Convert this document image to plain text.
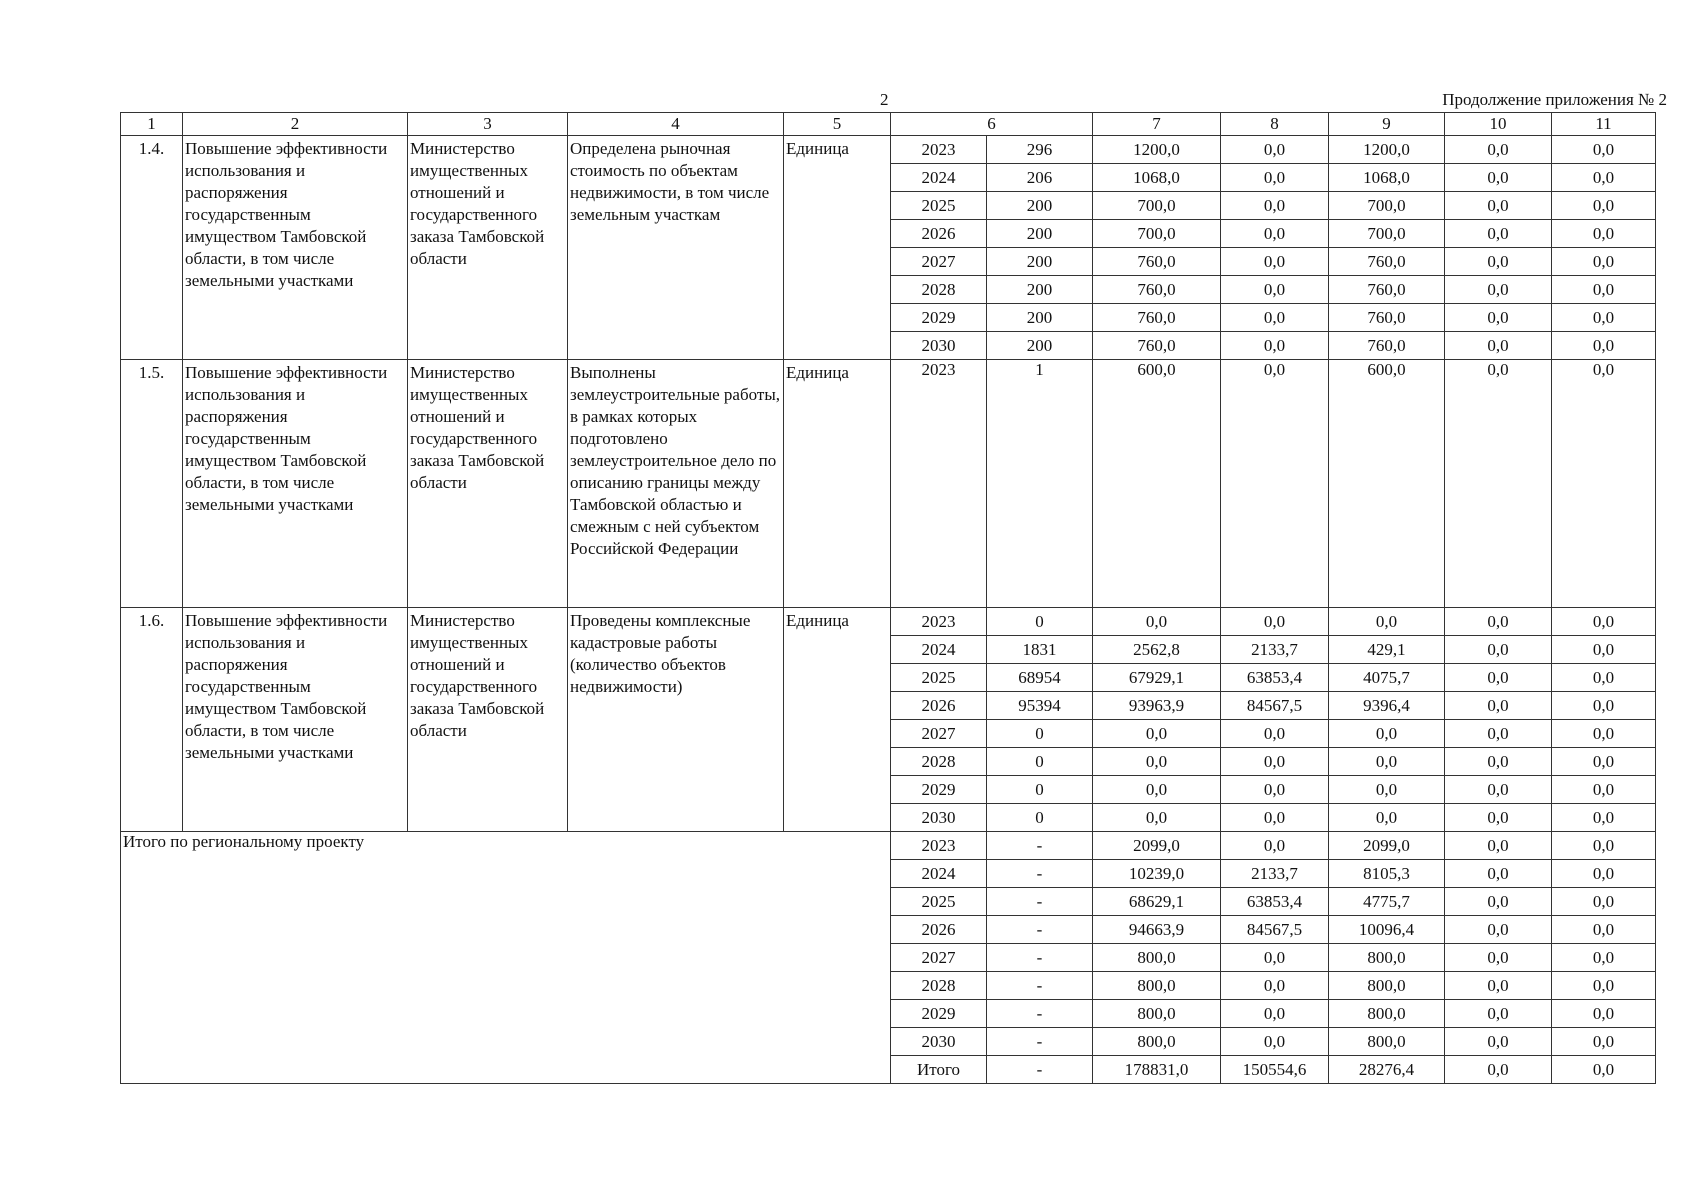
2	Продолжение приложения № 2
1	2	3	4	5	6		7	8	9	10	11
1.4.	Повышение эффективности использования и распоряжения государственным имуществом Тамбовской области, в том числе земельными участками	Министерство имущественных отношений и государственного заказа Тамбовской области	Определена рыночная стоимость по объектам недвижимости, в том числе земельным участкам	Единица	2023	296	1200,0	0,0	1200,0	0,0	0,0
					2024	206	1068,0	0,0	1068,0	0,0	0,0
					2025	200	700,0	0,0	700,0	0,0	0,0
					2026	200	700,0	0,0	700,0	0,0	0,0
					2027	200	760,0	0,0	760,0	0,0	0,0
					2028	200	760,0	0,0	760,0	0,0	0,0
					2029	200	760,0	0,0	760,0	0,0	0,0
					2030	200	760,0	0,0	760,0	0,0	0,0
1.5.	Повышение эффективности использования и распоряжения государственным имуществом Тамбовской области, в том числе земельными участками	Министерство имущественных отношений и государственного заказа Тамбовской области	Выполнены землеустроительные работы, в рамках которых подготовлено землеустроительное дело по описанию границы между Тамбовской областью и смежным с ней субъектом Российской Федерации	Единица	2023	1	600,0	0,0	600,0	0,0	0,0
1.6.	Повышение эффективности использования и распоряжения государственным имуществом Тамбовской области, в том числе земельными участками	Министерство имущественных отношений и государственного заказа Тамбовской области	Проведены комплексные кадастровые работы (количество объектов недвижимости)	Единица	2023	0	0,0	0,0	0,0	0,0	0,0
					2024	1831	2562,8	2133,7	429,1	0,0	0,0
					2025	68954	67929,1	63853,4	4075,7	0,0	0,0
					2026	95394	93963,9	84567,5	9396,4	0,0	0,0
					2027	0	0,0	0,0	0,0	0,0	0,0
					2028	0	0,0	0,0	0,0	0,0	0,0
					2029	0	0,0	0,0	0,0	0,0	0,0
					2030	0	0,0	0,0	0,0	0,0	0,0
Итого по региональному проекту					2023	-	2099,0	0,0	2099,0	0,0	0,0
					2024	-	10239,0	2133,7	8105,3	0,0	0,0
					2025	-	68629,1	63853,4	4775,7	0,0	0,0
					2026	-	94663,9	84567,5	10096,4	0,0	0,0
					2027	-	800,0	0,0	800,0	0,0	0,0
					2028	-	800,0	0,0	800,0	0,0	0,0
					2029	-	800,0	0,0	800,0	0,0	0,0
					2030	-	800,0	0,0	800,0	0,0	0,0
					Итого	-	178831,0	150554,6	28276,4	0,0	0,0
